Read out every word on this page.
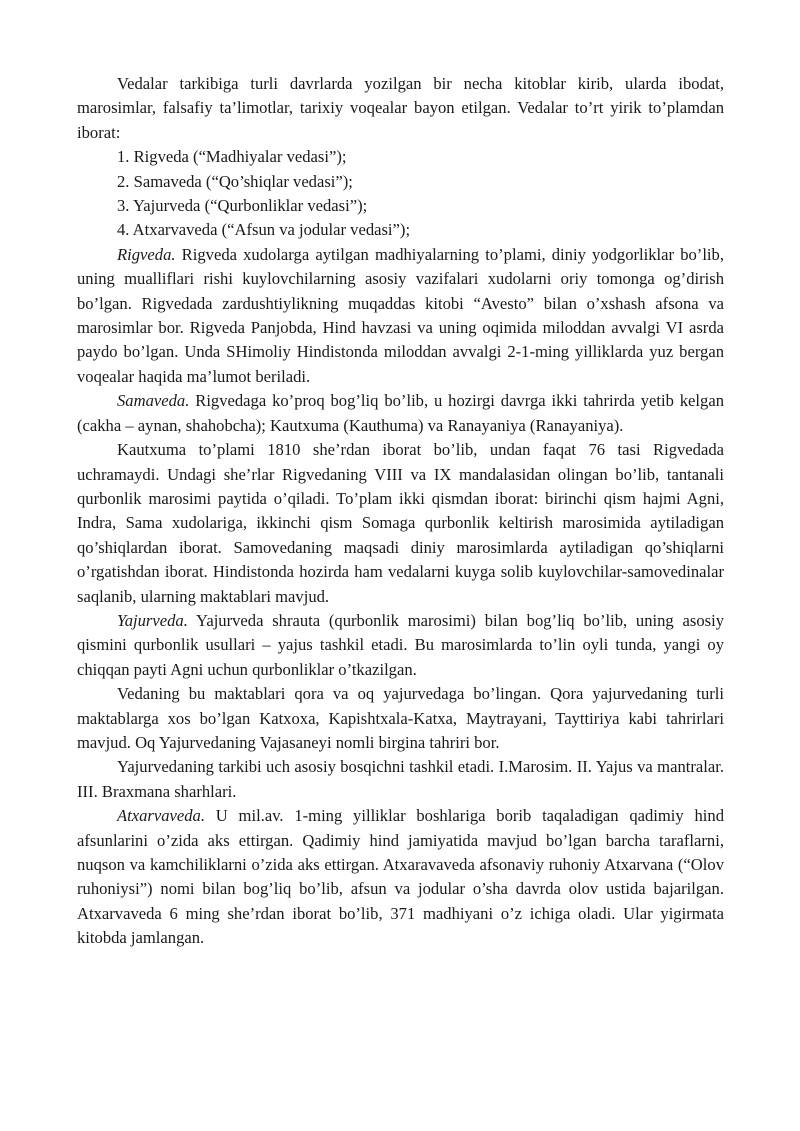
Vedalar tarkibiga turli davrlarda yozilgan bir necha kitoblar kirib, ularda ibodat, marosimlar, falsafiy ta’limotlar, tarixiy voqealar bayon etilgan. Vedalar to’rt yirik to’plamdan iborat:

1. Rigveda (“Madhiyalar vedasi”);

2. Samaveda (“Qo’shiqlar vedasi”);

3. Yajurveda (“Qurbonliklar vedasi”);

4. Atxarvaveda (“Afsun va jodular vedasi”);

Rigveda. Rigveda xudolarga aytilgan madhiyalarning to’plami, diniy yodgorliklar bo’lib, uning mualliflari rishi kuylovchilarning asosiy vazifalari xudolarni oriy tomonga og’dirish bo’lgan. Rigvedada zardushtiylikning muqaddas kitobi “Avesto” bilan o’xshash afsona va marosimlar bor. Rigveda Panjobda, Hind havzasi va uning oqimida miloddan avvalgi VI asrda paydo bo’lgan. Unda SHimoliy Hindistonda miloddan avvalgi 2-1-ming yilliklarda yuz bergan voqealar haqida ma’lumot beriladi.

Samaveda. Rigvedaga ko’proq bog’liq bo’lib, u hozirgi davrga ikki tahrirda yetib kelgan (cakha – aynan, shahobcha); Kautxuma (Kauthuma) va Ranayaniya (Ranayaniya).

Kautxuma to’plami 1810 she’rdan iborat bo’lib, undan faqat 76 tasi Rigvedada uchramaydi. Undagi she’rlar Rigvedaning VIII va IX mandalasidan olingan bo’lib, tantanali qurbonlik marosimi paytida o’qiladi. To’plam ikki qismdan iborat: birinchi qism hajmi Agni, Indra, Sama xudolariga, ikkinchi qism Somaga qurbonlik keltirish marosimida aytiladigan qo’shiqlardan iborat. Samovedaning maqsadi diniy marosimlarda aytiladigan qo’shiqlarni o’rgatishdan iborat. Hindistonda hozirda ham vedalarni kuyga solib kuylovchilar-samovedinalar saqlanib, ularning maktablari mavjud.

Yajurveda. Yajurveda shrauta (qurbonlik marosimi) bilan bog’liq bo’lib, uning asosiy qismini qurbonlik usullari – yajus tashkil etadi. Bu marosimlarda to’lin oyli tunda, yangi oy chiqqan payti Agni uchun qurbonliklar o’tkazilgan.

Vedaning bu maktablari qora va oq yajurvedaga bo’lingan. Qora yajurvedaning turli maktablarga xos bo’lgan Katxoxa, Kapishtxala-Katxa, Maytrayani, Tayttiriya kabi tahrirlari mavjud. Oq Yajurvedaning Vajasaneyi nomli birgina tahriri bor.

Yajurvedaning tarkibi uch asosiy bosqichni tashkil etadi. I.Marosim. II. Yajus va mantralar. III. Braxmana sharhlari.

Atxarvaveda. U mil.av. 1-ming yilliklar boshlariga borib taqaladigan qadimiy hind afsunlarini o’zida aks ettirgan. Qadimiy hind jamiyatida mavjud bo’lgan barcha taraflarni, nuqson va kamchiliklarni o’zida aks ettirgan. Atxaravaveda afsonaviy ruhoniy Atxarvana (“Olov ruhoniysi”) nomi bilan bog’liq bo’lib, afsun va jodular o’sha davrda olov ustida bajarilgan. Atxarvaveda 6 ming she’rdan iborat bo’lib, 371 madhiyani o’z ichiga oladi. Ular yigirmata kitobda jamlangan.
